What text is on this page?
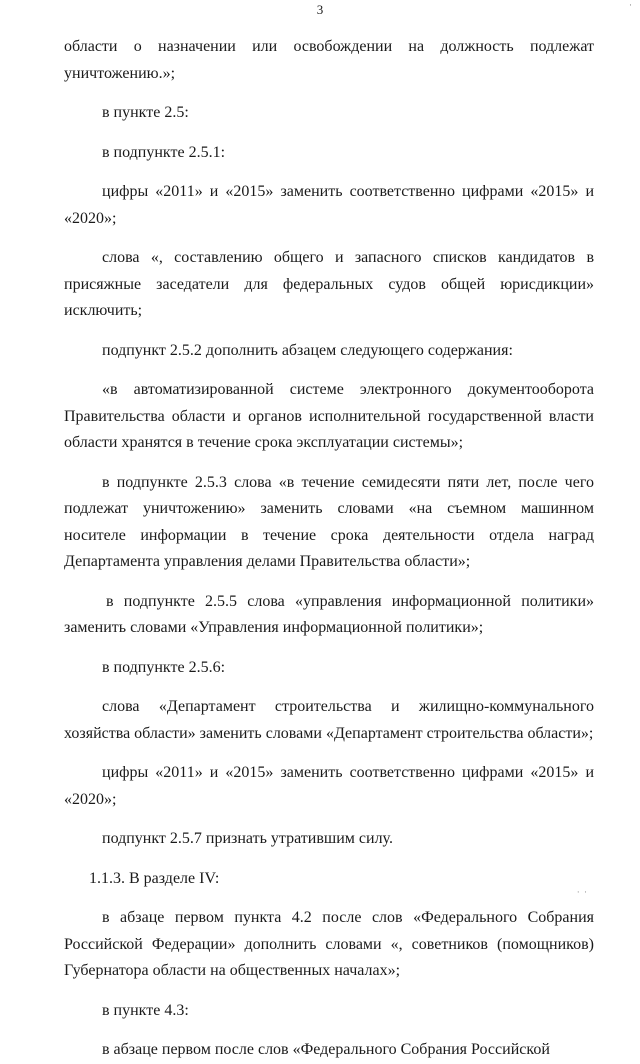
3	·

области о назначении или освобождении на должность подлежат уничтожению.»;

в пункте 2.5:

в подпункте 2.5.1:

цифры «2011» и «2015» заменить соответственно цифрами «2015» и «2020»;

слова «, составлению общего и запасного списков кандидатов в присяжные заседатели для федеральных судов общей юрисдикции» исключить;

подпункт 2.5.2 дополнить абзацем следующего содержания:

«в автоматизированной системе электронного документооборота Правительства области и органов исполнительной государственной власти области хранятся в течение срока эксплуатации системы»;

в подпункте 2.5.3 слова «в течение семидесяти пяти лет, после чего подлежат уничтожению» заменить словами «на съемном машинном носителе информации в течение срока деятельности отдела наград Департамента управления делами Правительства области»;

в подпункте 2.5.5 слова «управления информационной политики» заменить словами «Управления информационной политики»;

в подпункте 2.5.6:

слова «Департамент строительства и жилищно-коммунального хозяйства области» заменить словами «Департамент строительства области»;

цифры «2011» и «2015» заменить соответственно цифрами «2015» и «2020»;

подпункт 2.5.7 признать утратившим силу.

1.1.3. В разделе IV:

в абзаце первом пункта 4.2 после слов «Федерального Собрания Российской Федерации» дополнить словами «, советников (помощников) Губернатора области на общественных началах»;

в пункте 4.3:

в абзаце первом после слов «Федерального Собрания Российской

· ·
